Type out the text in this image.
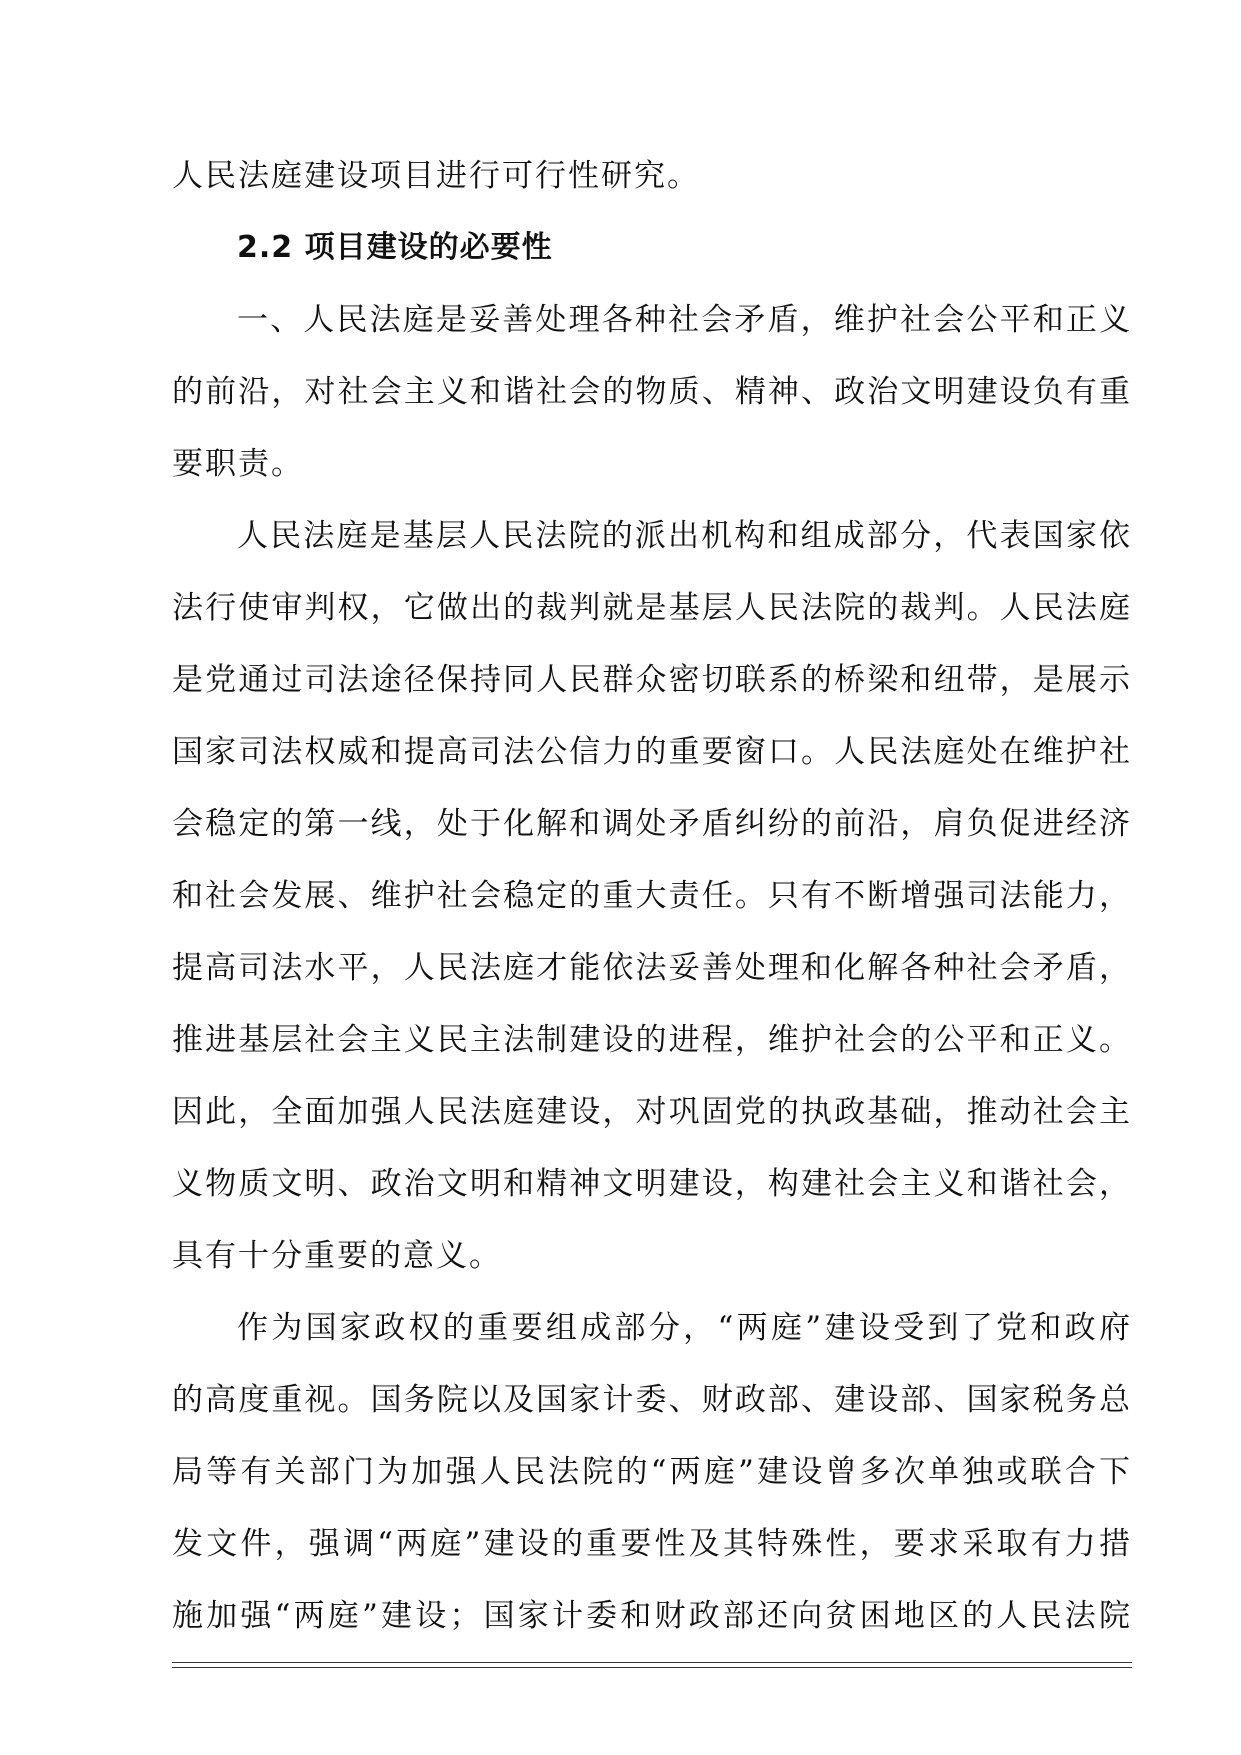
人民法庭建设项目进行可行性研究。
2.2 项目建设的必要性
一、人民法庭是妥善处理各种社会矛盾，维护社会公平和正义
的前沿，对社会主义和谐社会的物质、精神、政治文明建设负有重
要职责。
人民法庭是基层人民法院的派出机构和组成部分，代表国家依
法行使审判权，它做出的裁判就是基层人民法院的裁判。人民法庭
是党通过司法途径保持同人民群众密切联系的桥梁和纽带，是展示
国家司法权威和提高司法公信力的重要窗口。人民法庭处在维护社
会稳定的第一线，处于化解和调处矛盾纠纷的前沿，肩负促进经济
和社会发展、维护社会稳定的重大责任。只有不断增强司法能力，
提高司法水平，人民法庭才能依法妥善处理和化解各种社会矛盾，
推进基层社会主义民主法制建设的进程，维护社会的公平和正义。
因此，全面加强人民法庭建设，对巩固党的执政基础，推动社会主
义物质文明、政治文明和精神文明建设，构建社会主义和谐社会，
具有十分重要的意义。
作为国家政权的重要组成部分，“两庭”建设受到了党和政府
的高度重视。国务院以及国家计委、财政部、建设部、国家税务总
局等有关部门为加强人民法院的“两庭”建设曾多次单独或联合下
发文件，强调“两庭”建设的重要性及其特殊性，要求采取有力措
施加强“两庭”建设；国家计委和财政部还向贫困地区的人民法院
